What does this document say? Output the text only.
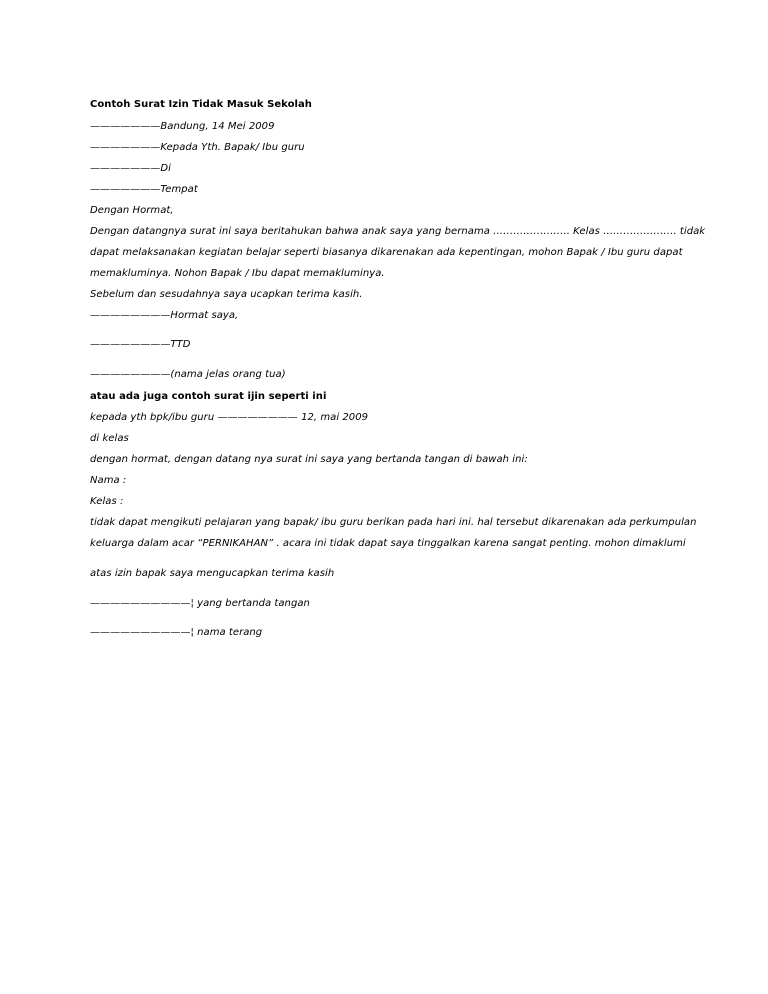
Contoh Surat Izin Tidak Masuk Sekolah
———————Bandung, 14 Mei 2009
———————Kepada Yth. Bapak/ Ibu guru
———————Di
———————Tempat
Dengan Hormat,
Dengan datangnya surat ini saya beritahukan bahwa anak saya yang bernama ………………….. Kelas …………………. tidak
dapat melaksanakan kegiatan belajar seperti biasanya dikarenakan ada kepentingan, mohon Bapak / Ibu guru dapat
memakluminya. Nohon Bapak / Ibu dapat memakluminya.
Sebelum dan sesudahnya saya ucapkan terima kasih.
————————Hormat saya,
————————TTD
————————(nama jelas orang tua)
atau ada juga contoh surat ijin seperti ini
kepada yth bpk/ibu guru ———————— 12, mai 2009
di kelas
dengan hormat, dengan datang nya surat ini saya yang bertanda tangan di bawah ini:
Nama :
Kelas :
tidak dapat mengikuti pelajaran yang bapak/ ibu guru berikan pada hari ini. hal tersebut dikarenakan ada perkumpulan
keluarga dalam acar “PERNIKAHAN” . acara ini tidak dapat saya tinggalkan karena sangat penting. mohon dimaklumi
atas izin bapak saya mengucapkan terima kasih
——————————¦ yang bertanda tangan
——————————¦ nama terang
